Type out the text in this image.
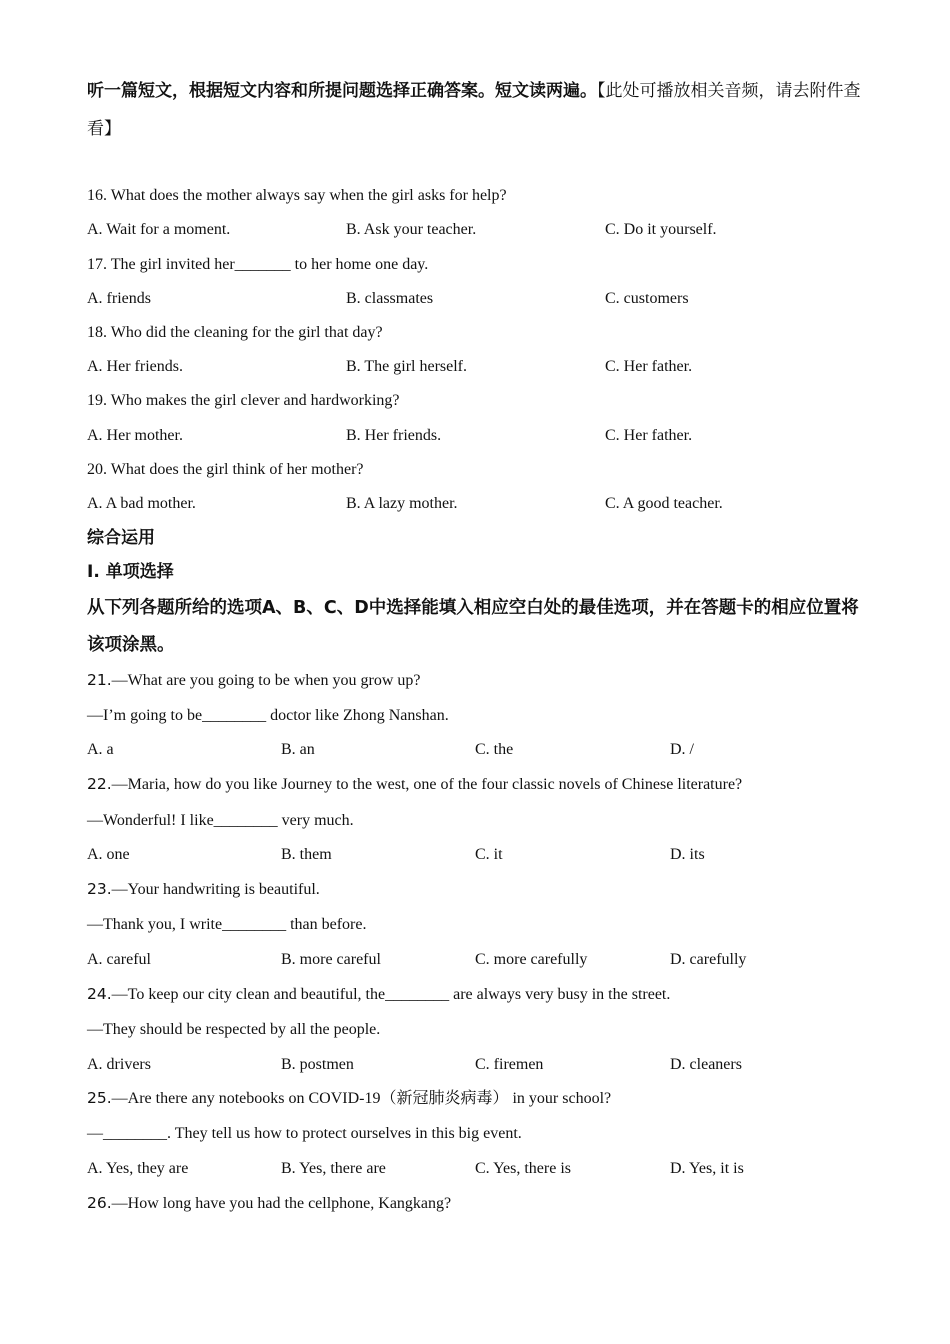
听一篇短文，根据短文内容和所提问题选择正确答案。短文读两遍。【此处可播放相关音频，请去附件查看】
16. What does the mother always say when the girl asks for help?
A. Wait for a moment.	B. Ask your teacher.	C. Do it yourself.
17. The girl invited her_______ to her home one day.
A. friends	B. classmates	C. customers
18. Who did the cleaning for the girl that day?
A. Her friends.	B. The girl herself.	C. Her father.
19. Who makes the girl clever and hardworking?
A. Her mother.	B. Her friends.	C. Her father.
20. What does the girl think of her mother?
A. A bad mother.	B. A lazy mother.	C. A good teacher.
综合运用
Ⅰ. 单项选择
从下列各题所给的选项A、B、C、D中选择能填入相应空白处的最佳选项，并在答题卡的相应位置将该项涂黑。
21.—What are you going to be when you grow up?
—I’m going to be________ doctor like Zhong Nanshan.
A. a	B. an	C. the	D. /
22.—Maria, how do you like Journey to the west, one of the four classic novels of Chinese literature?
—Wonderful! I like________ very much.
A. one	B. them	C. it	D. its
23.—Your handwriting is beautiful.
—Thank you, I write________ than before.
A. careful	B. more careful	C. more carefully	D. carefully
24.—To keep our city clean and beautiful, the________ are always very busy in the street.
—They should be respected by all the people.
A. drivers	B. postmen	C. firemen	D. cleaners
25.—Are there any notebooks on COVID-19（新冠肺炎病毒） in your school?
—________. They tell us how to protect ourselves in this big event.
A. Yes, they are	B. Yes, there are	C. Yes, there is	D. Yes, it is
26.—How long have you had the cellphone, Kangkang?
